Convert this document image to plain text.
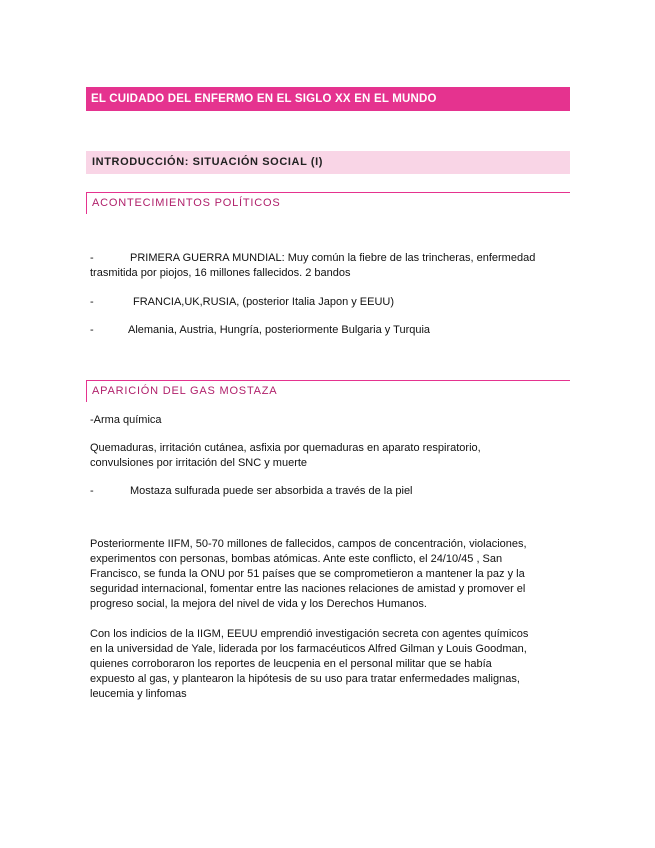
EL CUIDADO DEL ENFERMO EN EL SIGLO XX EN EL MUNDO
INTRODUCCIÓN: SITUACIÓN SOCIAL (I)
ACONTECIMIENTOS POLÍTICOS
-	PRIMERA GUERRA MUNDIAL: Muy común la fiebre de las trincheras, enfermedad
trasmitida por piojos, 16 millones fallecidos. 2 bandos
-	FRANCIA,UK,RUSIA, (posterior Italia Japon y EEUU)
-	Alemania, Austria, Hungría, posteriormente Bulgaria y Turquia
APARICIÓN DEL GAS MOSTAZA
-Arma química
Quemaduras, irritación cutánea, asfixia por quemaduras en aparato respiratorio,
convulsiones por irritación del SNC y muerte
-	Mostaza sulfurada puede ser absorbida a través de la piel
Posteriormente IIFM, 50-70 millones de fallecidos, campos de concentración, violaciones,
experimentos con personas, bombas atómicas. Ante este conflicto, el 24/10/45 , San
Francisco, se funda la ONU por 51 países que se comprometieron a mantener la paz y la
seguridad internacional, fomentar entre las naciones relaciones de amistad y promover el
progreso social, la mejora del nivel de vida y los Derechos Humanos.
Con los indicios de la IIGM, EEUU emprendió investigación secreta con agentes químicos
en la universidad de Yale, liderada por los farmacéuticos Alfred Gilman y Louis Goodman,
quienes corroboraron los reportes de leucpenia en el personal militar que se había
expuesto al gas, y plantearon la hipótesis de su uso para tratar enfermedades malignas,
leucemia y linfomas
